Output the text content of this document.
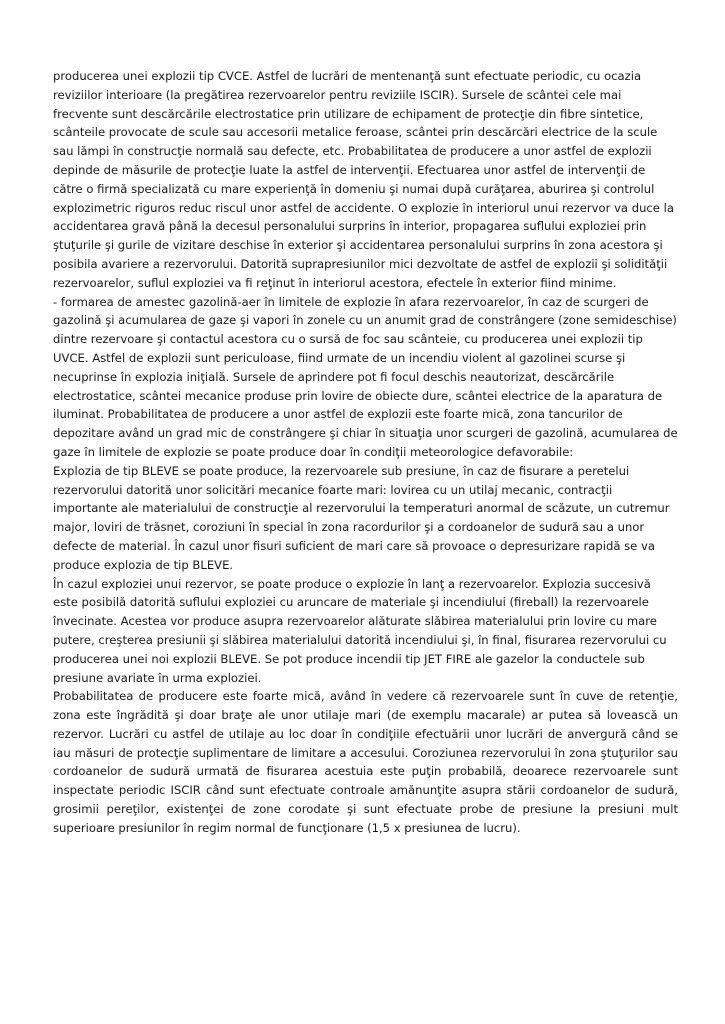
producerea unei explozii tip CVCE. Astfel de lucrări de mentenanţă sunt efectuate periodic, cu ocazia reviziilor interioare (la pregătirea rezervoarelor pentru reviziile ISCIR). Sursele de scântei cele mai frecvente sunt descărcările electrostatice prin utilizare de echipament de protecţie din fibre sintetice, scânteile provocate de scule sau accesorii metalice feroase, scântei prin descărcări electrice de la scule sau lămpi în construcţie normală sau defecte, etc. Probabilitatea de producere a unor astfel de explozii depinde de măsurile de protecţie luate la astfel de intervenţii. Efectuarea unor astfel de intervenţii de către o firmă specializată cu mare experienţă în domeniu şi numai după curăţarea, aburirea şi controlul explozimetric riguros reduc riscul unor astfel de accidente. O explozie în interiorul unui rezervor va duce la accidentarea gravă până la decesul personalului surprins în interior, propagarea suflului exploziei prin ştuţurile şi gurile de vizitare deschise în exterior şi accidentarea personalului surprins în zona acestora şi posibila avariere a rezervorului. Datorită suprapresiunilor mici dezvoltate de astfel de explozii şi solidităţii rezervoarelor, suflul exploziei va fi reţinut în interiorul acestora, efectele în exterior fiind minime.

- formarea de amestec gazolină-aer în limitele de explozie în afara rezervoarelor, în caz de scurgeri de gazolină şi acumularea de gaze şi vapori în zonele cu un anumit grad de constrângere (zone semideschise) dintre rezervoare şi contactul acestora cu o sursă de foc sau scânteie, cu producerea unei explozii tip UVCE. Astfel de explozii sunt periculoase, fiind urmate de un incendiu violent al gazolinei scurse şi necuprinse în explozia iniţială. Sursele de aprindere pot fi focul deschis neautorizat, descărcările electrostatice, scântei mecanice produse prin lovire de obiecte dure, scântei electrice de la aparatura de iluminat. Probabilitatea de producere a unor astfel de explozii este foarte mică, zona tancurilor de depozitare având un grad mic de constrângere şi chiar în situaţia unor scurgeri de gazolină, acumularea de gaze în limitele de explozie se poate produce doar în condiţii meteorologice defavorabile:

Explozia de tip BLEVE se poate produce, la rezervoarele sub presiune, în caz de fisurare a peretelui rezervorului datorită unor solicitări mecanice foarte mari: lovirea cu un utilaj mecanic, contracţii importante ale materialului de construcţie al rezervorului la temperaturi anormal de scăzute, un cutremur major, loviri de trăsnet, coroziuni în special în zona racordurilor şi a cordoanelor de sudură sau a unor defecte de material. În cazul unor fisuri suficient de mari care să provoace o depresurizare rapidă se va produce explozia de tip BLEVE.

În cazul exploziei unui rezervor, se poate produce o explozie în lanţ a rezervoarelor. Explozia succesivă este posibilă datorită suflului exploziei cu aruncare de materiale şi incendiului (fireball) la rezervoarele învecinate. Acestea vor produce asupra rezervoarelor alăturate slăbirea materialului prin lovire cu mare putere, creşterea presiunii şi slăbirea materialului datorită incendiului şi, în final, fisurarea rezervorului cu producerea unei noi explozii BLEVE. Se pot produce incendii tip JET FIRE ale gazelor la conductele sub presiune avariate în urma exploziei.

Probabilitatea de producere este foarte mică, având în vedere că rezervoarele sunt în cuve de retenţie, zona este îngrădită şi doar braţe ale unor utilaje mari (de exemplu macarale) ar putea să lovească un rezervor. Lucrări cu astfel de utilaje au loc doar în condiţiile efectuării unor lucrări de anvergură când se iau măsuri de protecţie suplimentare de limitare a accesului. Coroziunea rezervorului în zona ştuţurilor sau cordoanelor de sudură urmată de fisurarea acestuia este puţin probabilă, deoarece rezervoarele sunt inspectate periodic ISCIR când sunt efectuate controale amănunţite asupra stării cordoanelor de sudură, grosimii pereţilor, existenţei de zone corodate şi sunt efectuate probe de presiune la presiuni mult superioare presiunilor în regim normal de funcţionare (1,5 x presiunea de lucru).
